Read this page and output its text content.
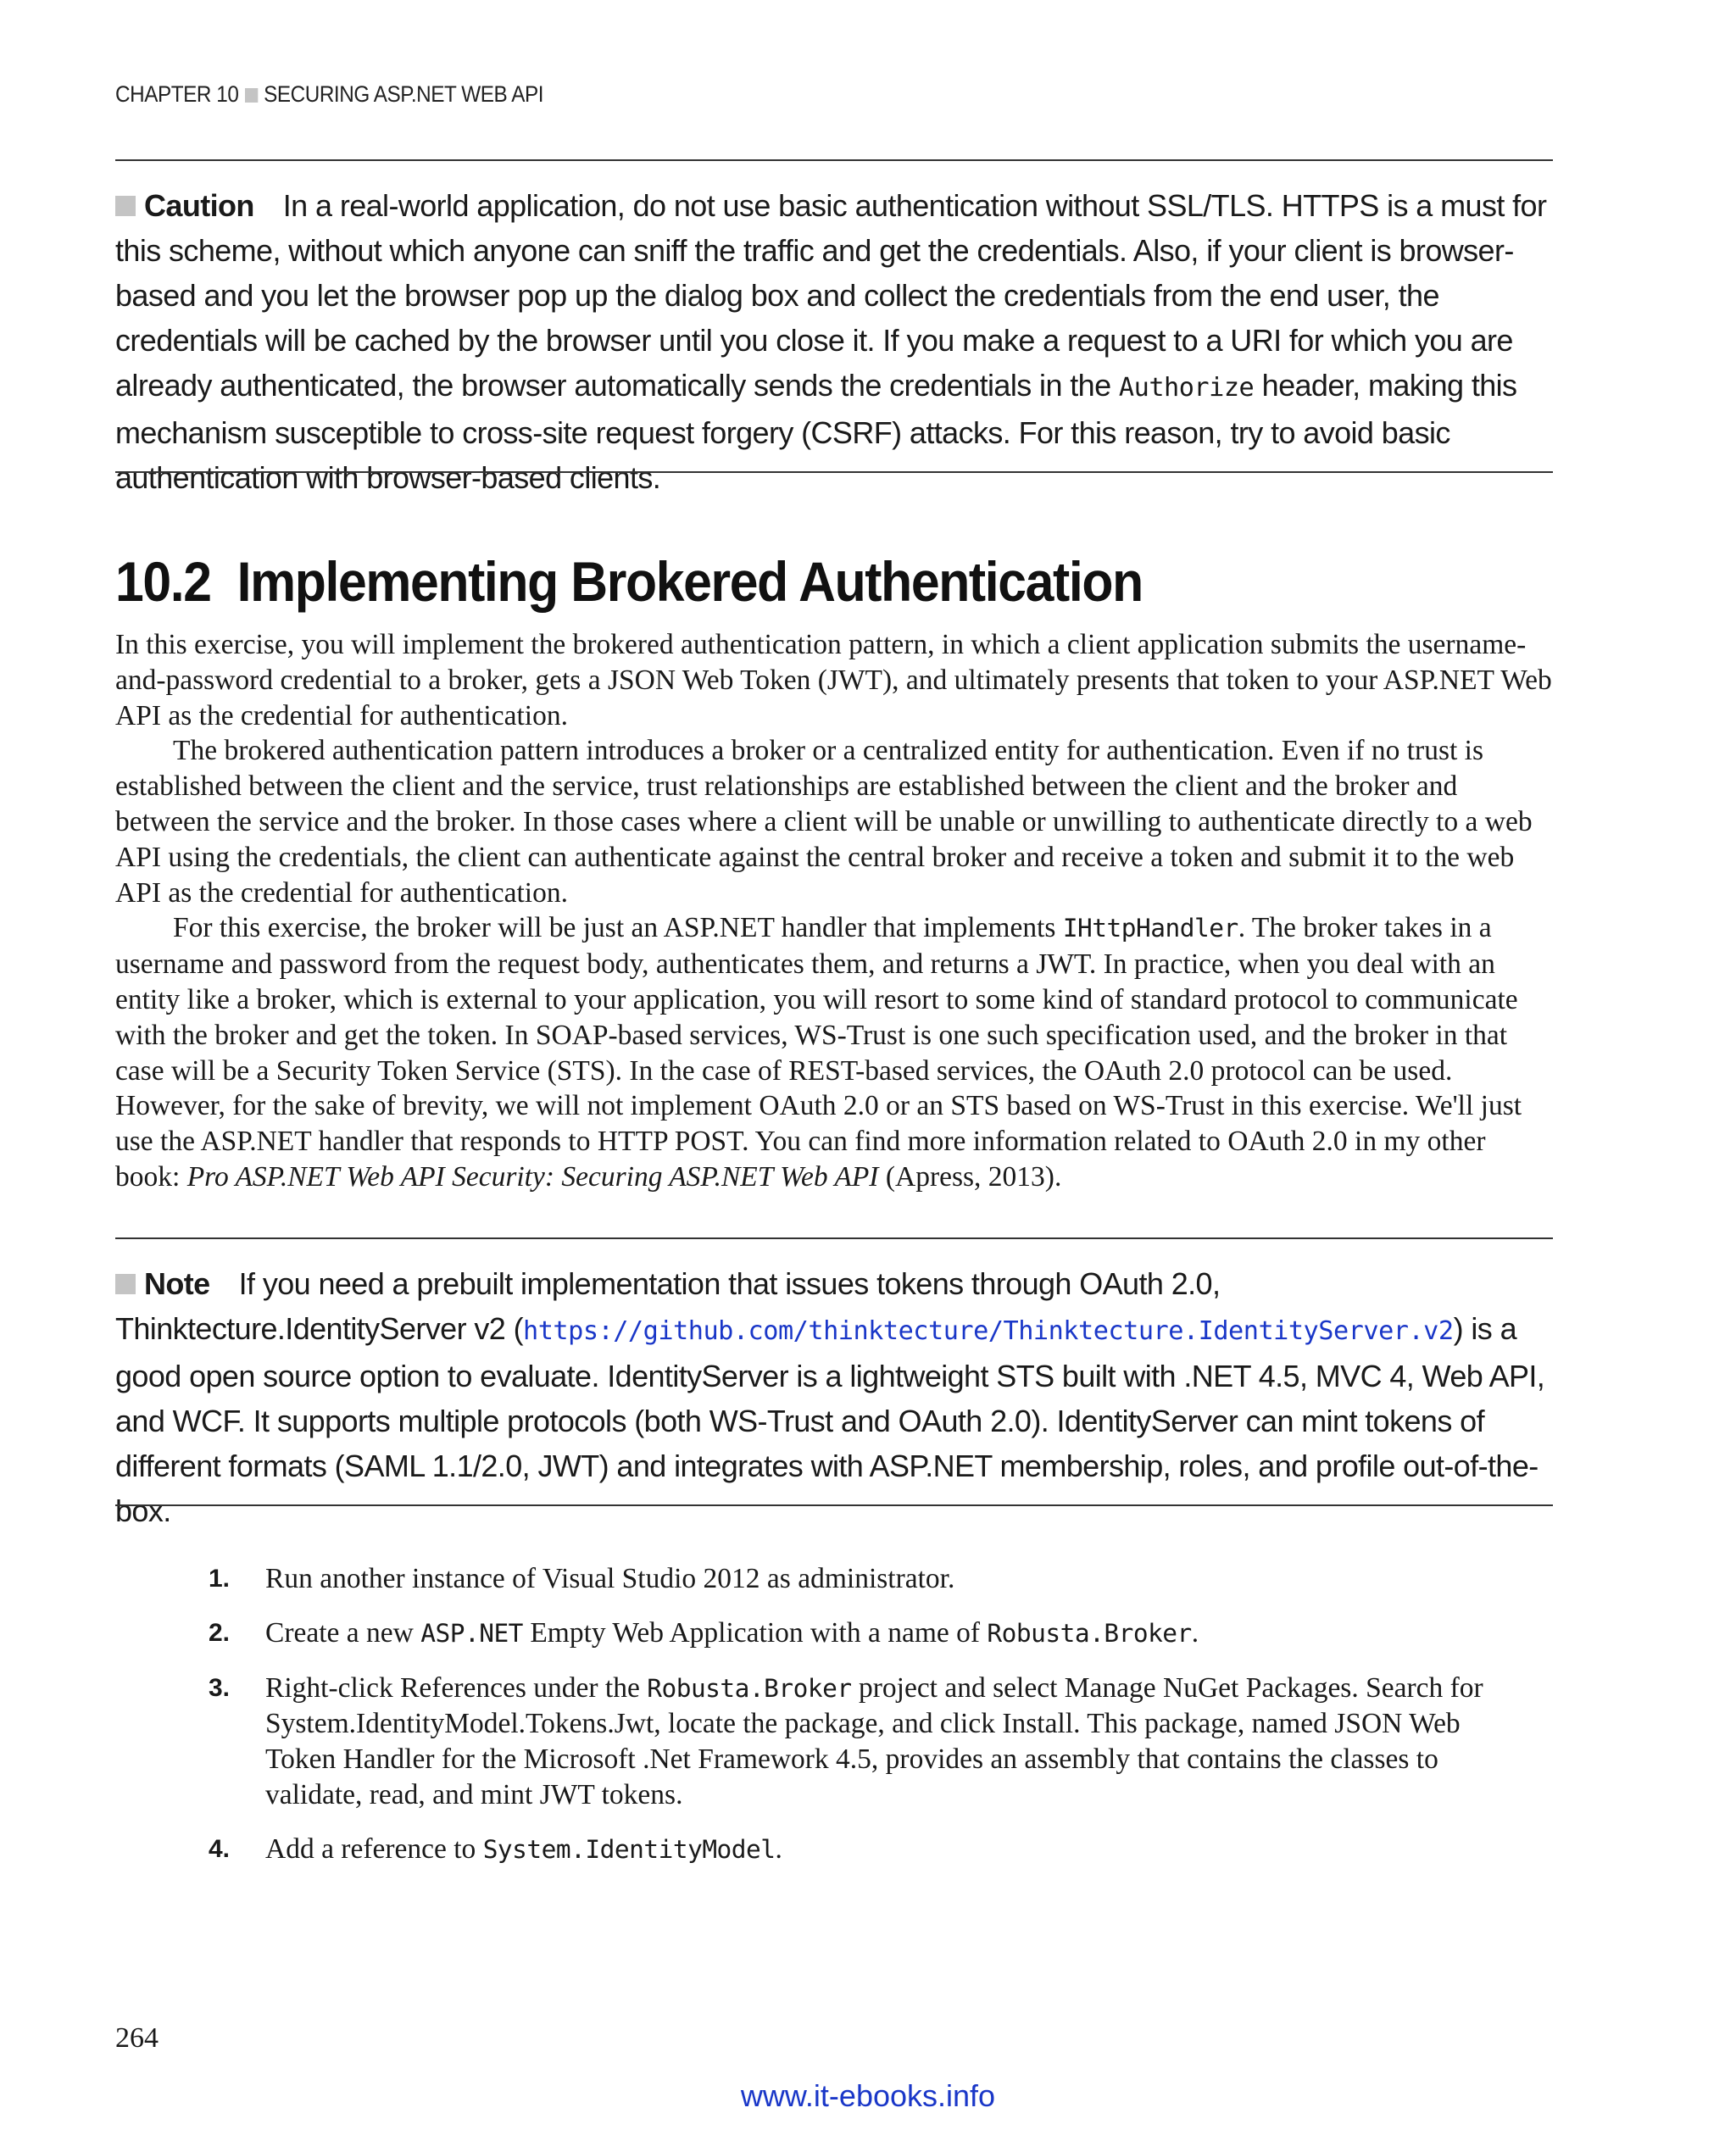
CHAPTER 10 SECURING ASP.NET WEB API
Caution In a real-world application, do not use basic authentication without SSL/TLS. HTTPS is a must for this scheme, without which anyone can sniff the traffic and get the credentials. Also, if your client is browser-based and you let the browser pop up the dialog box and collect the credentials from the end user, the credentials will be cached by the browser until you close it. If you make a request to a URI for which you are already authenticated, the browser automatically sends the credentials in the Authorize header, making this mechanism susceptible to cross-site request forgery (CSRF) attacks. For this reason, try to avoid basic authentication with browser-based clients.
10.2 Implementing Brokered Authentication

In this exercise, you will implement the brokered authentication pattern, in which a client application submits the username-and-password credential to a broker, gets a JSON Web Token (JWT), and ultimately presents that token to your ASP.NET Web API as the credential for authentication.

The brokered authentication pattern introduces a broker or a centralized entity for authentication. Even if no trust is established between the client and the service, trust relationships are established between the client and the broker and between the service and the broker. In those cases where a client will be unable or unwilling to authenticate directly to a web API using the credentials, the client can authenticate against the central broker and receive a token and submit it to the web API as the credential for authentication.

For this exercise, the broker will be just an ASP.NET handler that implements IHttpHandler. The broker takes in a username and password from the request body, authenticates them, and returns a JWT. In practice, when you deal with an entity like a broker, which is external to your application, you will resort to some kind of standard protocol to communicate with the broker and get the token. In SOAP-based services, WS-Trust is one such specification used, and the broker in that case will be a Security Token Service (STS). In the case of REST-based services, the OAuth 2.0 protocol can be used. However, for the sake of brevity, we will not implement OAuth 2.0 or an STS based on WS-Trust in this exercise. We'll just use the ASP.NET handler that responds to HTTP POST. You can find more information related to OAuth 2.0 in my other book: Pro ASP.NET Web API Security: Securing ASP.NET Web API (Apress, 2013).

Note If you need a prebuilt implementation that issues tokens through OAuth 2.0, Thinktecture.IdentityServer v2 (https://github.com/thinktecture/Thinktecture.IdentityServer.v2) is a good open source option to evaluate. IdentityServer is a lightweight STS built with .NET 4.5, MVC 4, Web API, and WCF. It supports multiple protocols (both WS-Trust and OAuth 2.0). IdentityServer can mint tokens of different formats (SAML 1.1/2.0, JWT) and integrates with ASP.NET membership, roles, and profile out-of-the-box.
1. Run another instance of Visual Studio 2012 as administrator.
2. Create a new ASP.NET Empty Web Application with a name of Robusta.Broker.
3. Right-click References under the Robusta.Broker project and select Manage NuGet Packages. Search for System.IdentityModel.Tokens.Jwt, locate the package, and click Install. This package, named JSON Web Token Handler for the Microsoft .Net Framework 4.5, provides an assembly that contains the classes to validate, read, and mint JWT tokens.
4. Add a reference to System.IdentityModel.
264
www.it-ebooks.info
